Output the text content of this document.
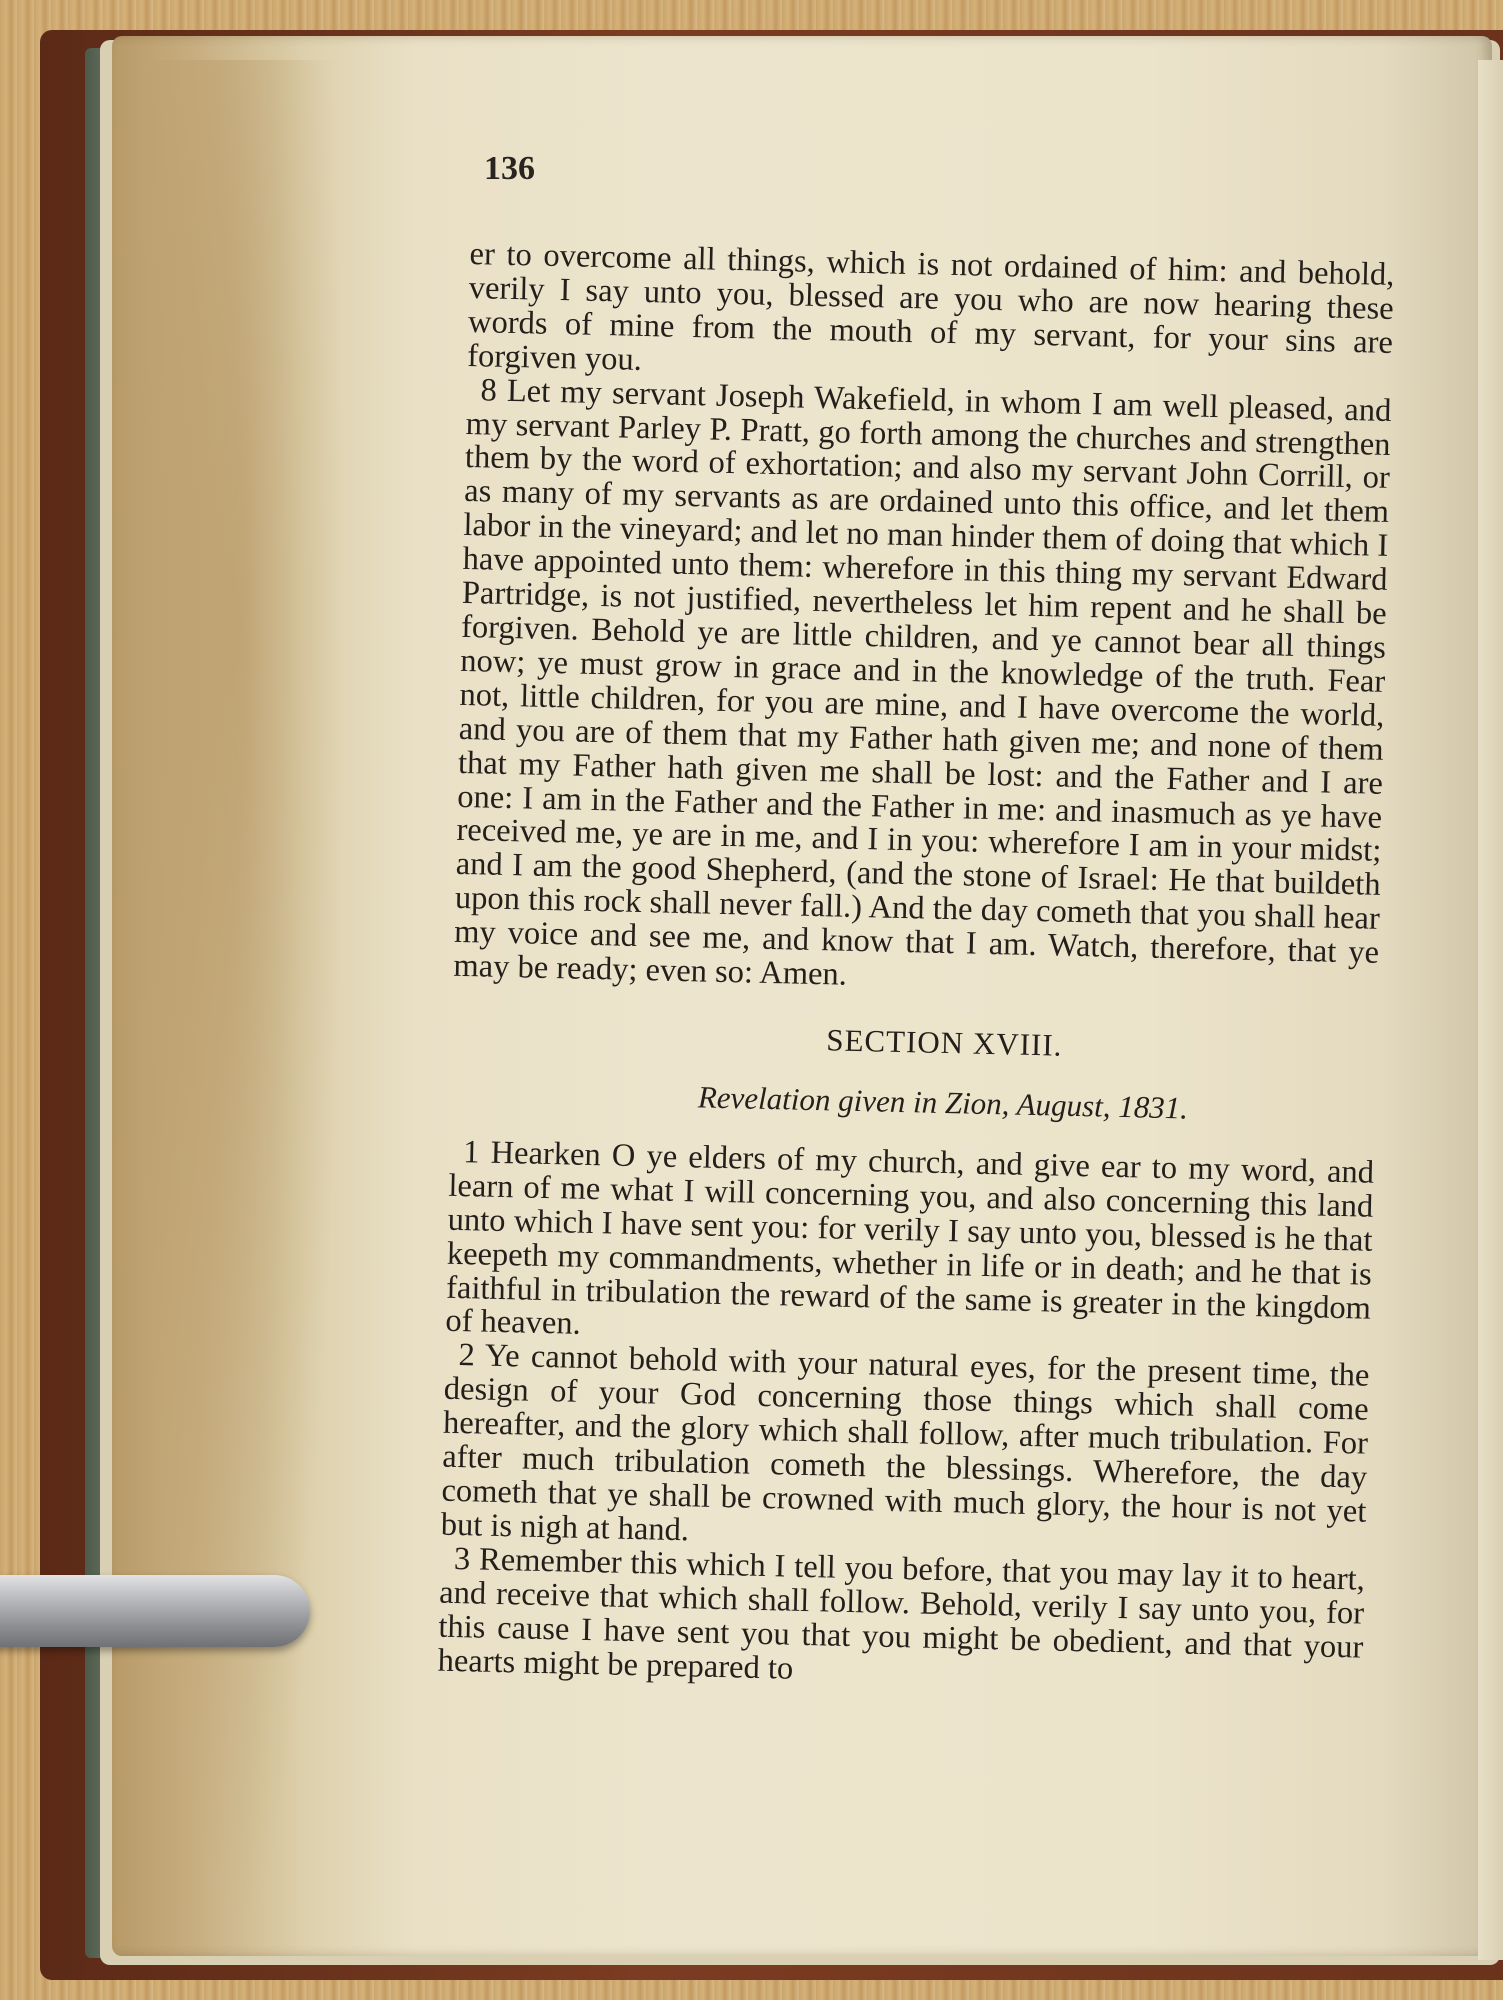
136

er to overcome all things, which is not ordained of him: and behold, verily I say unto you, blessed are you who are now hearing these words of mine from the mouth of my servant, for your sins are forgiven you.

8 Let my servant Joseph Wakefield, in whom I am well pleased, and my servant Parley P. Pratt, go forth among the churches and strengthen them by the word of exhortation; and also my servant John Corrill, or as many of my servants as are ordained unto this office, and let them labor in the vineyard; and let no man hinder them of doing that which I have appointed unto them: wherefore in this thing my servant Edward Partridge, is not justified, nevertheless let him repent and he shall be forgiven. Behold ye are little children, and ye cannot bear all things now; ye must grow in grace and in the knowledge of the truth. Fear not, little children, for you are mine, and I have overcome the world, and you are of them that my Father hath given me; and none of them that my Father hath given me shall be lost: and the Father and I are one: I am in the Father and the Father in me: and inasmuch as ye have received me, ye are in me, and I in you: wherefore I am in your midst; and I am the good Shepherd, (and the stone of Israel: He that buildeth upon this rock shall never fall.) And the day cometh that you shall hear my voice and see me, and know that I am. Watch, therefore, that ye may be ready; even so: Amen.

SECTION XVIII.
Revelation given in Zion, August, 1831.

1 Hearken O ye elders of my church, and give ear to my word, and learn of me what I will concerning you, and also concerning this land unto which I have sent you: for verily I say unto you, blessed is he that keepeth my commandments, whether in life or in death; and he that is faithful in tribulation the reward of the same is greater in the kingdom of heaven.

2 Ye cannot behold with your natural eyes, for the present time, the design of your God concerning those things which shall come hereafter, and the glory which shall follow, after much tribulation. For after much tribulation cometh the blessings. Wherefore, the day cometh that ye shall be crowned with much glory, the hour is not yet but is nigh at hand.

3 Remember this which I tell you before, that you may lay it to heart, and receive that which shall follow. Behold, verily I say unto you, for this cause I have sent you that you might be obedient, and that your hearts might be prepared to
